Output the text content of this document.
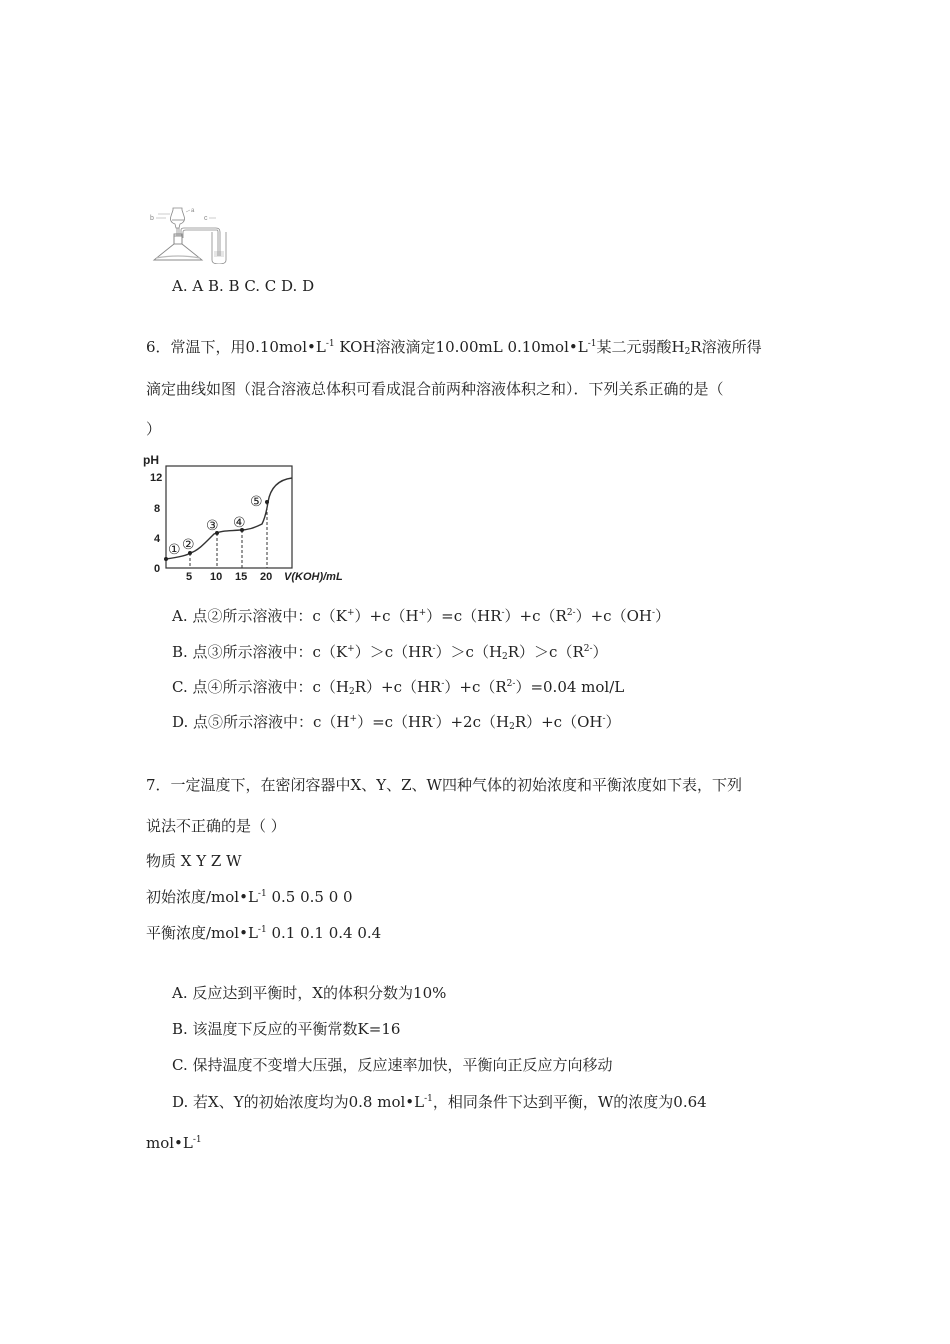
a
b	c
A. A B. B C. C D. D
6．常温下，用$0.10mol•L^{-1}$ KOH溶液滴定10.00mL $0.10mol•L^{-1}$某二元弱酸$H_2R$溶液所得
滴定曲线如图（混合溶液总体积可看成混合前两种溶液体积之和）．下列关系正确的是（
）
pH
12
8
4
0
① ②
③ ④
⑤
5 10 15 20 V(KOH)/mL
A. 点②所示溶液中：$c(K^+)+c(H^+)=c(HR^-)+c(R^{2-})+c(OH^-)$
B. 点③所示溶液中：$c(K^+)>c(HR^-)>c(H_2R)>c(R^{2-})$
C. 点④所示溶液中：$c(H_2R)+c(HR^-)+c(R^{2-})=0.04$ mol/L
D. 点⑤所示溶液中：$c(H^+)=c(HR^-)+2c(H_2R)+c(OH^-)$
7．一定温度下，在密闭容器中X、Y、Z、W四种气体的初始浓度和平衡浓度如下表，下列
说法不正确的是（ ）
物质 X Y Z W
初始浓度$/mol•L^{-1}$ 0.5 0.5 0 0
平衡浓度$/mol•L^{-1}$ 0.1 0.1 0.4 0.4
A. 反应达到平衡时，X的体积分数为10%
B. 该温度下反应的平衡常数K=16
C. 保持温度不变增大压强，反应速率加快，平衡向正反应方向移动
D. 若X、Y的初始浓度均为0.8 $mol•L^{-1}$，相同条件下达到平衡，W的浓度为0.64
$mol•L^{-1}$
